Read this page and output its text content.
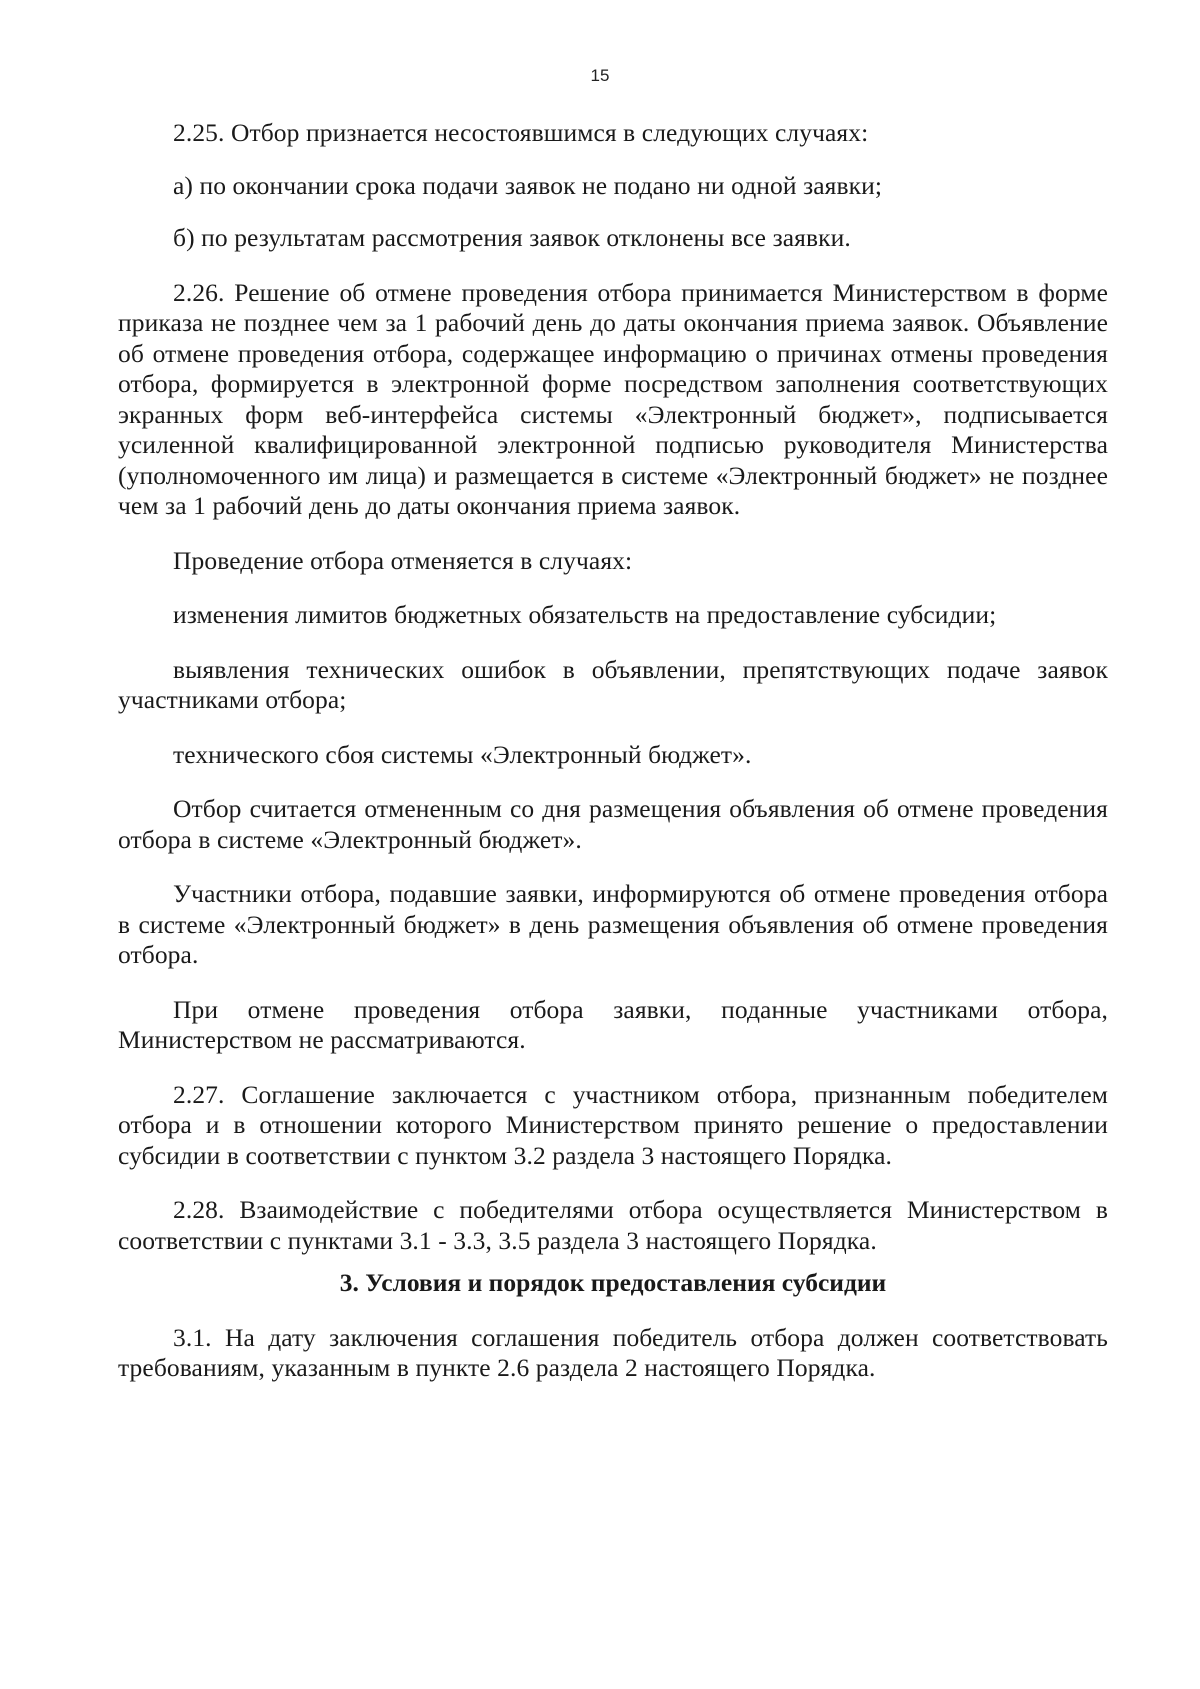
15

2.25. Отбор признается несостоявшимся в следующих случаях:

а) по окончании срока подачи заявок не подано ни одной заявки;

б) по результатам рассмотрения заявок отклонены все заявки.

2.26. Решение об отмене проведения отбора принимается Министерством в форме приказа не позднее чем за 1 рабочий день до даты окончания приема заявок. Объявление об отмене проведения отбора, содержащее информацию о причинах отмены проведения отбора, формируется в электронной форме посредством заполнения соответствующих экранных форм веб-интерфейса системы «Электронный бюджет», подписывается усиленной квалифицированной электронной подписью руководителя Министерства (уполномоченного им лица) и размещается в системе «Электронный бюджет» не позднее чем за 1 рабочий день до даты окончания приема заявок.

Проведение отбора отменяется в случаях:

изменения лимитов бюджетных обязательств на предоставление субсидии;

выявления технических ошибок в объявлении, препятствующих подаче заявок участниками отбора;

технического сбоя системы «Электронный бюджет».

Отбор считается отмененным со дня размещения объявления об отмене проведения отбора в системе «Электронный бюджет».

Участники отбора, подавшие заявки, информируются об отмене проведения отбора в системе «Электронный бюджет» в день размещения объявления об отмене проведения отбора.

При отмене проведения отбора заявки, поданные участниками отбора, Министерством не рассматриваются.

2.27. Соглашение заключается с участником отбора, признанным победителем отбора и в отношении которого Министерством принято решение о предоставлении субсидии в соответствии с пунктом 3.2 раздела 3 настоящего Порядка.

2.28. Взаимодействие с победителями отбора осуществляется Министерством в соответствии с пунктами 3.1 - 3.3, 3.5 раздела 3 настоящего Порядка.

3. Условия и порядок предоставления субсидии

3.1. На дату заключения соглашения победитель отбора должен соответствовать требованиям, указанным в пункте 2.6 раздела 2 настоящего Порядка.
